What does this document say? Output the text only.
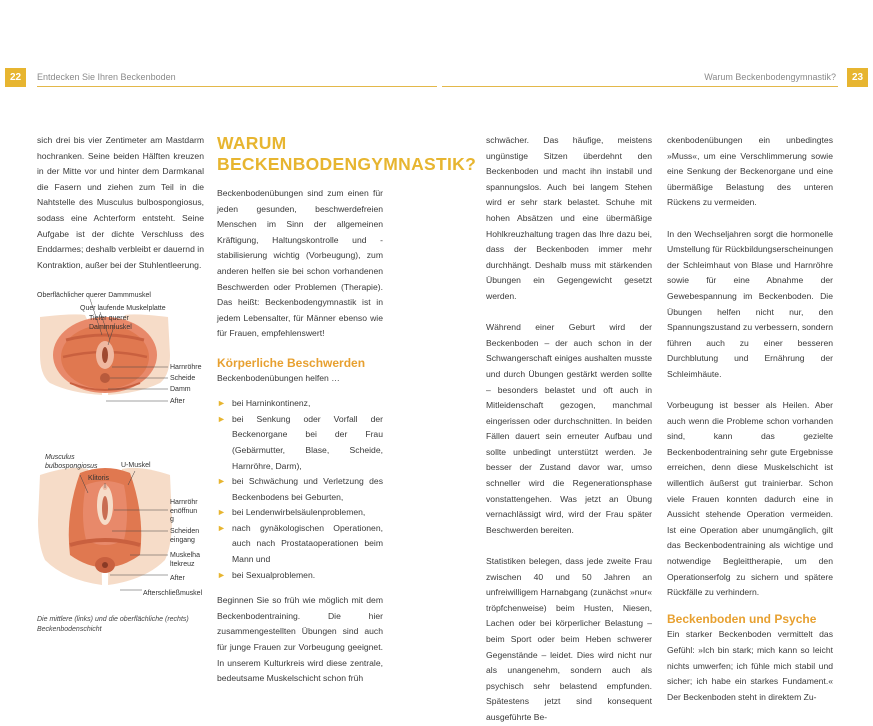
22	Entdecken Sie Ihren Beckenboden	Warum Beckenbodengymnastik?	23
sich drei bis vier Zentimeter am Mastdarm hochranken. Seine beiden Hälften kreuzen in der Mitte vor und hinter dem Darmkanal die Fasern und ziehen zum Teil in die Nahtstelle des Musculus bulbospongiosus, sodass eine Achterform entsteht. Seine Aufgabe ist der dichte Verschluss des Enddarmes; deshalb verbleibt er dauernd in Kontraktion, außer bei der Stuhlentleerung.
Oberflächlicher querer Dammmuskel
Quer laufende Muskelplatte
Tiefer querer Dammmuskel
Harnröhre
Scheide
Damm
After
Musculus bulbospongiosus	U-Muskel
Klitoris
Harnröhrenöffnung
Scheideneingang
Muskelhaltekreuz
After
Afterschließmuskel
Die mittlere (links) und die oberflächliche (rechts) Beckenbodenschicht
WARUM BECKENBODENGYMNASTIK?

Beckenbodenübungen sind zum einen für jeden gesunden, beschwerdefreien Menschen im Sinn der allgemeinen Kräftigung, Haltungskontrolle und -stabilisierung wichtig (Vorbeugung), zum anderen helfen sie bei schon vorhandenen Beschwerden oder Problemen (Therapie). Das heißt: Beckenbodengymnastik ist in jedem Lebensalter, für Männer ebenso wie für Frauen, empfehlenswert!

Körperliche Beschwerden
Beckenbodenübungen helfen …
► bei Harninkontinenz,
► bei Senkung oder Vorfall der Beckenorgane bei der Frau (Gebärmutter, Blase, Scheide, Harnröhre, Darm),
► bei Schwächung und Verletzung des Beckenbodens bei Geburten,
► bei Lendenwirbelsäulenproblemen,
► nach gynäkologischen Operationen, auch nach Prostataoperationen beim Mann und
► bei Sexualproblemen.

Beginnen Sie so früh wie möglich mit dem Beckenbodentraining. Die hier zusammengestellten Übungen sind auch für junge Frauen zur Vorbeugung geeignet. In unserem Kulturkreis wird diese zentrale, bedeutsame Muskelschicht schon früh

schwächer. Das häufige, meistens ungünstige Sitzen überdehnt den Beckenboden und macht ihn instabil und spannungslos. Auch bei langem Stehen wird er sehr stark belastet. Schuhe mit hohen Absätzen und eine übermäßige Hohlkreuzhaltung tragen das Ihre dazu bei, dass der Beckenboden immer mehr durchhängt. Deshalb muss mit stärkenden Übungen ein Gegengewicht gesetzt werden.

Während einer Geburt wird der Beckenboden – der auch schon in der Schwangerschaft einiges aushalten musste und durch Übungen gestärkt werden sollte – besonders belastet und oft auch in Mitleidenschaft gezogen, manchmal eingerissen oder durchschnitten. In beiden Fällen dauert sein erneuter Aufbau und sollte unbedingt unterstützt werden. Je besser der Zustand davor war, umso schneller wird die Regenerationsphase vonstattengehen. Was jetzt an Übung vernachlässigt wird, wird der Frau später Beschwerden bereiten.

Statistiken belegen, dass jede zweite Frau zwischen 40 und 50 Jahren an unfreiwilligem Harnabgang (zunächst »nur« tröpfchenweise) beim Husten, Niesen, Lachen oder bei körperlicher Belastung – beim Sport oder beim Heben schwerer Gegenstände – leidet. Dies wird nicht nur als unangenehm, sondern auch als psychisch sehr belastend empfunden. Spätestens jetzt sind konsequent ausgeführte Be-

ckenbodenübungen ein unbedingtes »Muss«, um eine Verschlimmerung sowie eine Senkung der Beckenorgane und eine übermäßige Belastung des unteren Rückens zu vermeiden.

In den Wechseljahren sorgt die hormonelle Umstellung für Rückbildungserscheinungen der Schleimhaut von Blase und Harnröhre sowie für eine Abnahme der Gewebespannung im Beckenboden. Die Übungen helfen nicht nur, den Spannungszustand zu verbessern, sondern führen auch zu einer besseren Durchblutung und Ernährung der Schleimhäute.

Vorbeugung ist besser als Heilen. Aber auch wenn die Probleme schon vorhanden sind, kann das gezielte Beckenbodentraining sehr gute Ergebnisse erreichen, denn diese Muskelschicht ist willentlich äußerst gut trainierbar. Schon viele Frauen konnten dadurch eine in Aussicht stehende Operation vermeiden. Ist eine Operation aber unumgänglich, gilt das Beckenbodentraining als wichtige und notwendige Begleittherapie, um den Operationserfolg zu sichern und spätere Rückfälle zu verhindern.

Beckenboden und Psyche

Ein starker Beckenboden vermittelt das Gefühl: »Ich bin stark; mich kann so leicht nichts umwerfen; ich fühle mich stabil und sicher; ich habe ein starkes Fundament.« Der Beckenboden steht in direktem Zu-
